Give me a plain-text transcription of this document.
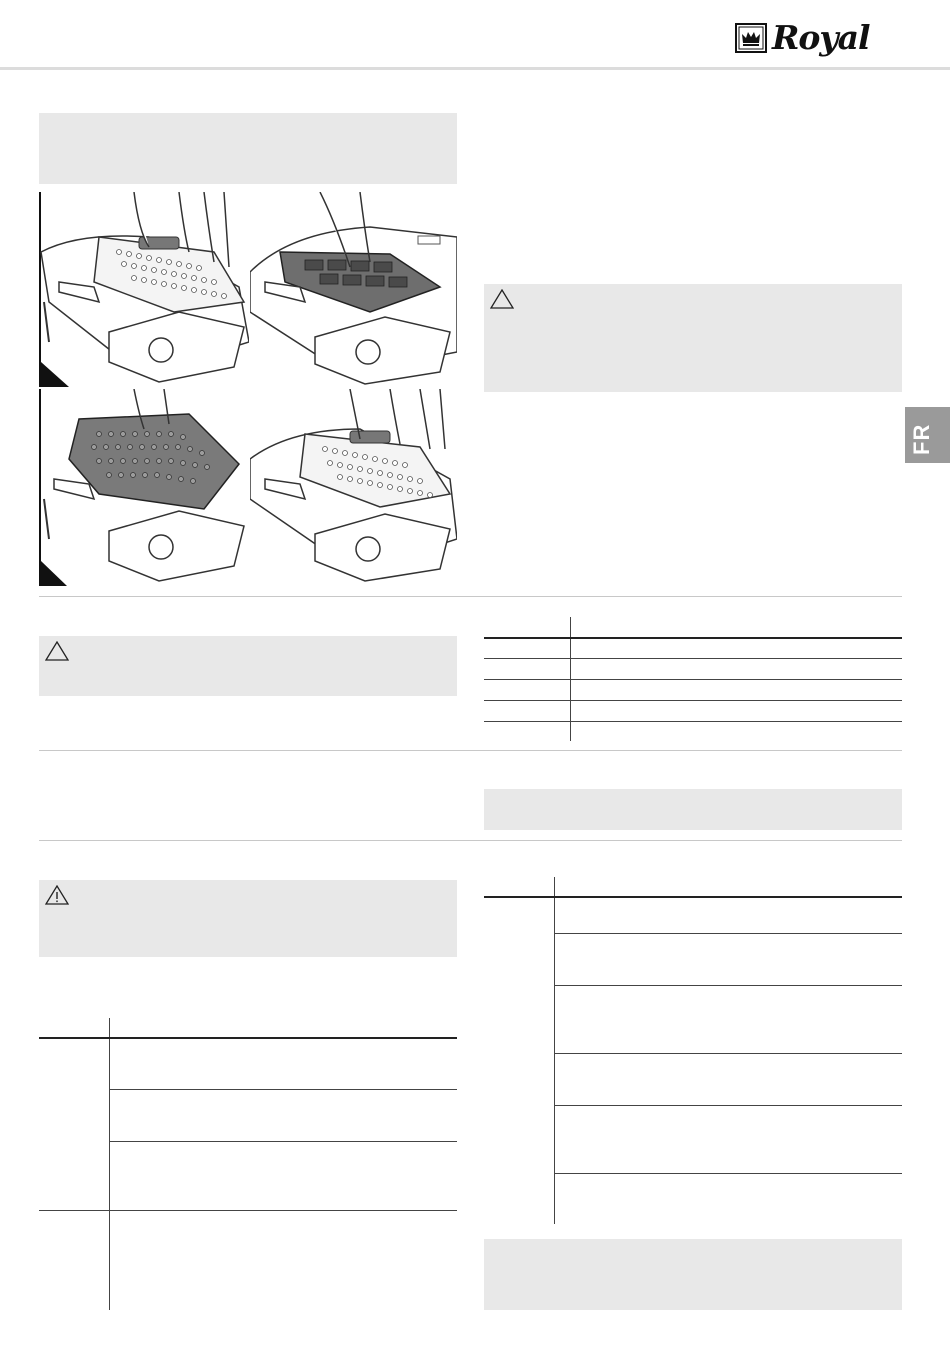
Royal
FR
